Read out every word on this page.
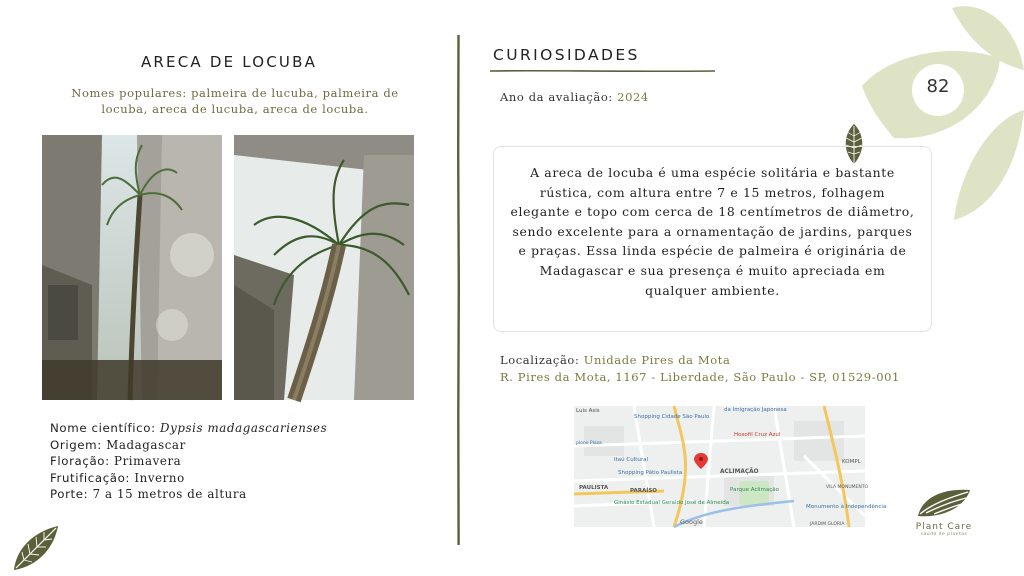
ARECA DE LOCUBA
Nomes populares: palmeira de lucuba, palmeira de locuba, areca de lucuba, areca de locuba.
Nome científico: Dypsis madagascarienses
Origem: Madagascar
Floração: Primavera
Frutificação: Inverno
Porte: 7 a 15 metros de altura
CURIOSIDADES
Ano da avaliação: 2024	82

A areca de locuba é uma espécie solitária e bastante rústica, com altura entre 7 e 15 metros, folhagem elegante e topo com cerca de 18 centímetros de diâmetro, sendo excelente para a ornamentação de jardins, parques e praças. Essa linda espécie de palmeira é originária de Madagascar e sua presença é muito apreciada em qualquer ambiente.

Localização: Unidade Pires da Mota
R. Pires da Mota, 1167 - Liberdade, São Paulo - SP, 01529-001
Luis Asis
Shopping Cidade São Paulo
da Imigração Japonesa
Hoxofil Cruz Azul
Itaú Cultural
Shopping Pátio Paulista	ACLIMAÇÃO
PAULISTA	PARAÍSO	Parque Aclimação
Ginásio Estadual Geraldo José de Almeida
VILA MONUMENTO
Monumento à Independência
KOMPL
Google	JARDIM GLÓRIA
plone Plaza
Plant Care
saúde de plantas
